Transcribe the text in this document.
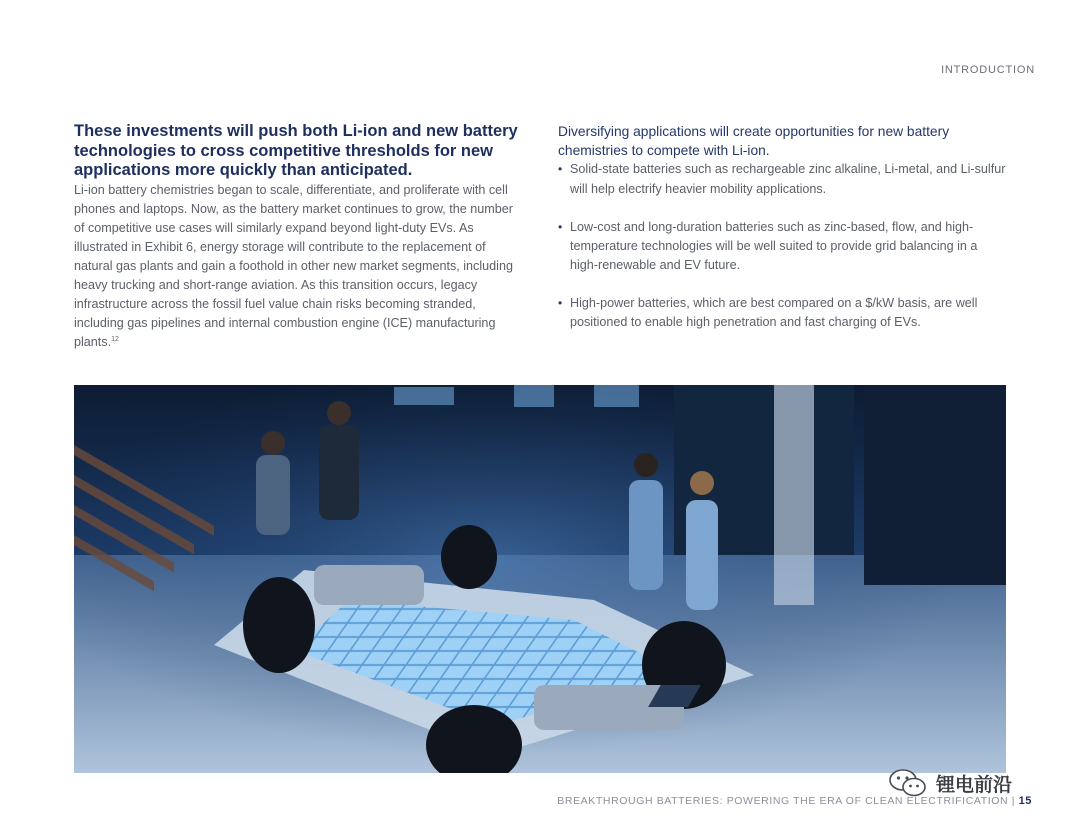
INTRODUCTION
These investments will push both Li-ion and new battery technologies to cross competitive thresholds for new applications more quickly than anticipated.

Li-ion battery chemistries began to scale, differentiate, and proliferate with cell phones and laptops. Now, as the battery market continues to grow, the number of competitive use cases will similarly expand beyond light-duty EVs. As illustrated in Exhibit 6, energy storage will contribute to the replacement of natural gas plants and gain a foothold in other new market segments, including heavy trucking and short-range aviation. As this transition occurs, legacy infrastructure across the fossil fuel value chain risks becoming stranded, including gas pipelines and internal combustion engine (ICE) manufacturing plants.$^{12}$

Diversifying applications will create opportunities for new battery chemistries to compete with Li-ion.
• Solid-state batteries such as rechargeable zinc alkaline, Li-metal, and Li-sulfur will help electrify heavier mobility applications.
• Low-cost and long-duration batteries such as zinc-based, flow, and high-temperature technologies will be well suited to provide grid balancing in a high-renewable and EV future.
• High-power batteries, which are best compared on a $/kW basis, are well positioned to enable high penetration and fast charging of EVs.
BREAKTHROUGH BATTERIES: POWERING THE ERA OF CLEAN ELECTRIFICATION | 15
锂电前沿
